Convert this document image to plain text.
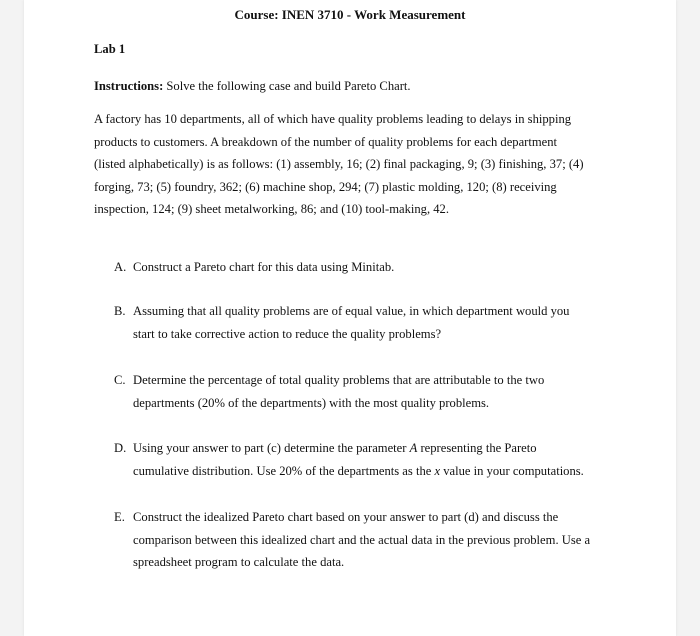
Course: INEN 3710 - Work Measurement
Lab 1
Instructions: Solve the following case and build Pareto Chart.
A factory has 10 departments, all of which have quality problems leading to delays in shipping
products to customers. A breakdown of the number of quality problems for each department
(listed alphabetically) is as follows: (1) assembly, 16; (2) final packaging, 9; (3) finishing, 37; (4)
forging, 73; (5) foundry, 362; (6) machine shop, 294; (7) plastic molding, 120; (8) receiving
inspection, 124; (9) sheet metalworking, 86; and (10) tool-making, 42.
A. Construct a Pareto chart for this data using Minitab.
B. Assuming that all quality problems are of equal value, in which department would you
start to take corrective action to reduce the quality problems?
C. Determine the percentage of total quality problems that are attributable to the two
departments (20% of the departments) with the most quality problems.
D. Using your answer to part (c) determine the parameter A representing the Pareto
cumulative distribution. Use 20% of the departments as the x value in your computations.
E. Construct the idealized Pareto chart based on your answer to part (d) and discuss the
comparison between this idealized chart and the actual data in the previous problem. Use a
spreadsheet program to calculate the data.
